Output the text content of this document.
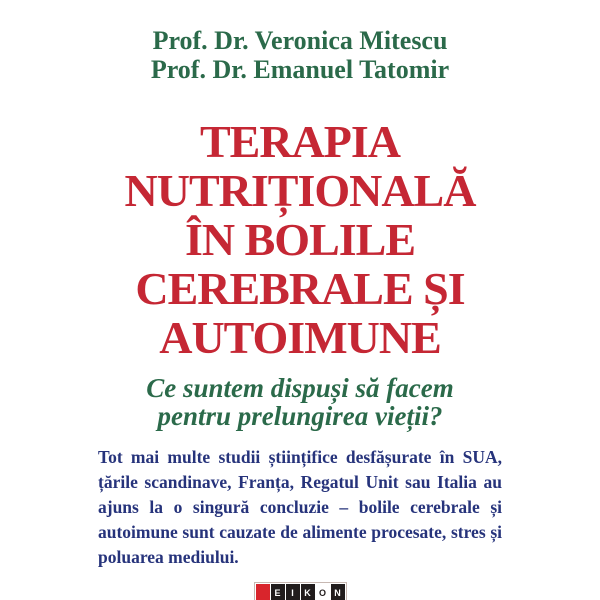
Prof. Dr. Veronica Mitescu
Prof. Dr. Emanuel Tatomir
TERAPIA
NUTRIȚIONALĂ
ÎN BOLILE
CEREBRALE ȘI
AUTOIMUNE
Ce suntem dispuși să facem
pentru prelungirea vieții?

Tot mai multe studii științifice desfășurate în SUA, țările scandinave, Franța, Regatul Unit sau Italia au ajuns la o singură concluzie – bolile cerebrale și autoimune sunt cauzate de alimente procesate, stres și poluarea mediului.

E	I	K O N
